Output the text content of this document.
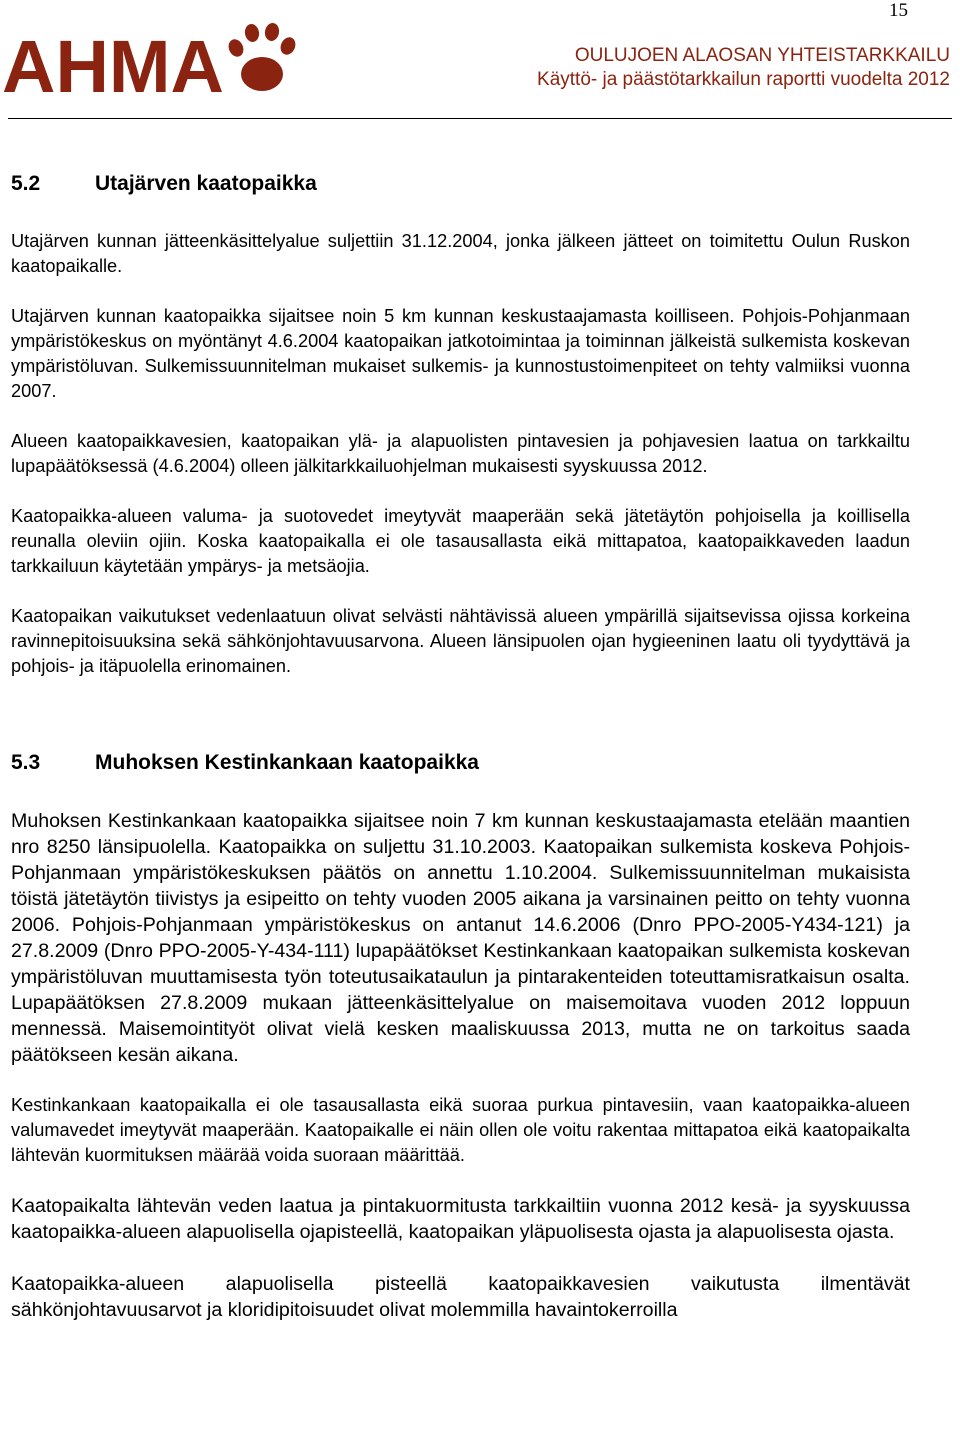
15
AHMA	OULUJOEN ALAOSAN YHTEISTARKKAILU
Käyttö- ja päästötarkkailun raportti vuodelta 2012
5.2	Utajärven kaatopaikka

Utajärven kunnan jätteenkäsittelyalue suljettiin 31.12.2004, jonka jälkeen jätteet on toimitettu Oulun Ruskon kaatopaikalle.

Utajärven kunnan kaatopaikka sijaitsee noin 5 km kunnan keskustaajamasta koilliseen. Pohjois-Pohjanmaan ympäristökeskus on myöntänyt 4.6.2004 kaatopaikan jatkotoimintaa ja toiminnan jälkeistä sulkemista koskevan ympäristöluvan. Sulkemissuunnitelman mukaiset sulkemis- ja kunnostustoimenpiteet on tehty valmiiksi vuonna 2007.

Alueen kaatopaikkavesien, kaatopaikan ylä- ja alapuolisten pintavesien ja pohjavesien laatua on tarkkailtu lupapäätöksessä (4.6.2004) olleen jälkitarkkailuohjelman mukaisesti syyskuussa 2012.

Kaatopaikka-alueen valuma- ja suotovedet imeytyvät maaperään sekä jätetäytön pohjoisella ja koillisella reunalla oleviin ojiin. Koska kaatopaikalla ei ole tasausallasta eikä mittapatoa, kaatopaikkaveden laadun tarkkailuun käytetään ympärys- ja metsäojia.

Kaatopaikan vaikutukset vedenlaatuun olivat selvästi nähtävissä alueen ympärillä sijaitsevissa ojissa korkeina ravinnepitoisuuksina sekä sähkönjohtavuusarvona. Alueen länsipuolen ojan hygieeninen laatu oli tyydyttävä ja pohjois- ja itäpuolella erinomainen.

5.3	Muhoksen Kestinkankaan kaatopaikka

Muhoksen Kestinkankaan kaatopaikka sijaitsee noin 7 km kunnan keskustaajamasta etelään maantien nro 8250 länsipuolella. Kaatopaikka on suljettu 31.10.2003. Kaatopaikan sulkemista koskeva Pohjois-Pohjanmaan ympäristökeskuksen päätös on annettu 1.10.2004. Sulkemissuunnitelman mukaisista töistä jätetäytön tiivistys ja esipeitto on tehty vuoden 2005 aikana ja varsinainen peitto on tehty vuonna 2006. Pohjois-Pohjanmaan ympäristökeskus on antanut 14.6.2006 (Dnro PPO-2005-Y434-121) ja 27.8.2009 (Dnro PPO-2005-Y-434-111) lupapäätökset Kestinkankaan kaatopaikan sulkemista koskevan ympäristöluvan muuttamisesta työn toteutusaikataulun ja pintarakenteiden toteuttamisratkaisun osalta. Lupapäätöksen 27.8.2009 mukaan jätteenkäsittelyalue on maisemoitava vuoden 2012 loppuun mennessä. Maisemointityöt olivat vielä kesken maaliskuussa 2013, mutta ne on tarkoitus saada päätökseen kesän aikana.

Kestinkankaan kaatopaikalla ei ole tasausallasta eikä suoraa purkua pintavesiin, vaan kaatopaikka-alueen valumavedet imeytyvät maaperään. Kaatopaikalle ei näin ollen ole voitu rakentaa mittapatoa eikä kaatopaikalta lähtevän kuormituksen määrää voida suoraan määrittää.

Kaatopaikalta lähtevän veden laatua ja pintakuormitusta tarkkailtiin vuonna 2012 kesä- ja syyskuussa kaatopaikka-alueen alapuolisella ojapisteellä, kaatopaikan yläpuolisesta ojasta ja alapuolisesta ojasta.

Kaatopaikka-alueen alapuolisella pisteellä kaatopaikkavesien vaikutusta ilmentävät sähkönjohtavuusarvot ja kloridipitoisuudet olivat molemmilla havaintokerroilla
